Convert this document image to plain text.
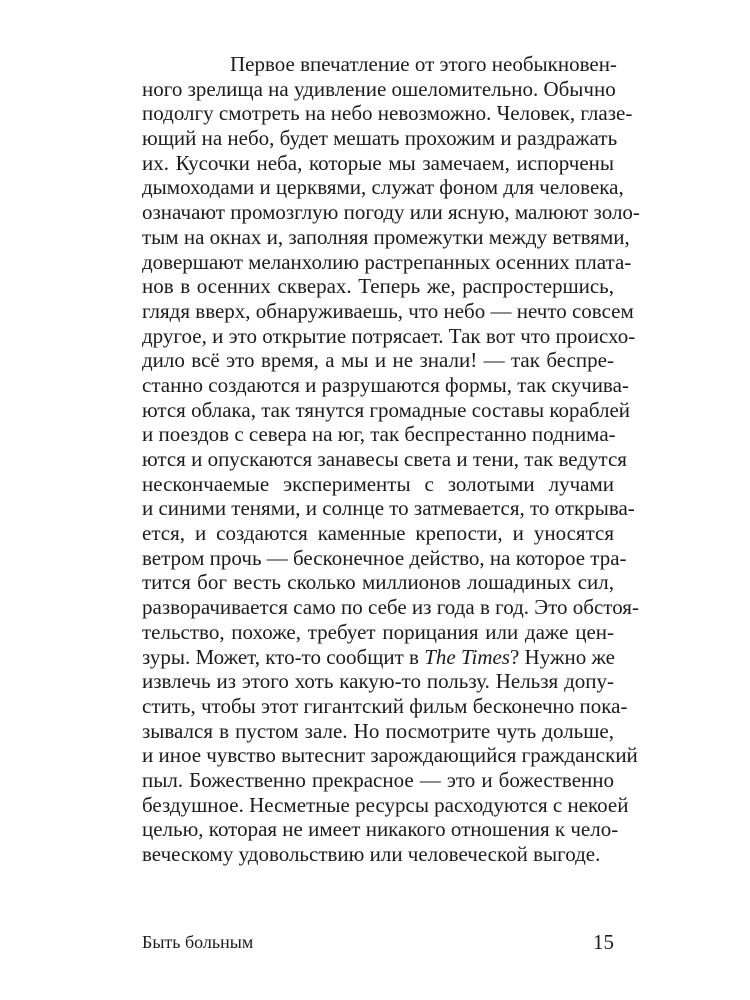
Первое впечатление от этого необыкновен-
ного зрелища на удивление ошеломительно. Обычно
подолгу смотреть на небо невозможно. Человек, глазе-
ющий на небо, будет мешать прохожим и раздражать
их. Кусочки неба, которые мы замечаем, испорчены
дымоходами и церквями, служат фоном для человека,
означают промозглую погоду или ясную, малюют золо-
тым на окнах и, заполняя промежутки между ветвями,
довершают меланхолию растрепанных осенних плата-
нов в осенних скверах. Теперь же, распростершись,
глядя вверх, обнаруживаешь, что небо — нечто совсем
другое, и это открытие потрясает. Так вот что происхо-
дило всё это время, а мы и не знали! — так беспре-
станно создаются и разрушаются формы, так скучива-
ются облака, так тянутся громадные составы кораблей
и поездов с севера на юг, так беспрестанно поднима-
ются и опускаются занавесы света и тени, так ведутся
нескончаемые эксперименты с золотыми лучами
и синими тенями, и солнце то затмевается, то открыва-
ется, и создаются каменные крепости, и уносятся
ветром прочь — бесконечное действо, на которое тра-
тится бог весть сколько миллионов лошадиных сил,
разворачивается само по себе из года в год. Это обстоя-
тельство, похоже, требует порицания или даже цен-
зуры. Может, кто-то сообщит в The Times? Нужно же
извлечь из этого хоть какую-то пользу. Нельзя допу-
стить, чтобы этот гигантский фильм бесконечно пока-
зывался в пустом зале. Но посмотрите чуть дольше,
и иное чувство вытеснит зарождающийся гражданский
пыл. Божественно прекрасное — это и божественно
бездушное. Несметные ресурсы расходуются с некоей
целью, которая не имеет никакого отношения к чело-
веческому удовольствию или человеческой выгоде.
Быть больным	15
